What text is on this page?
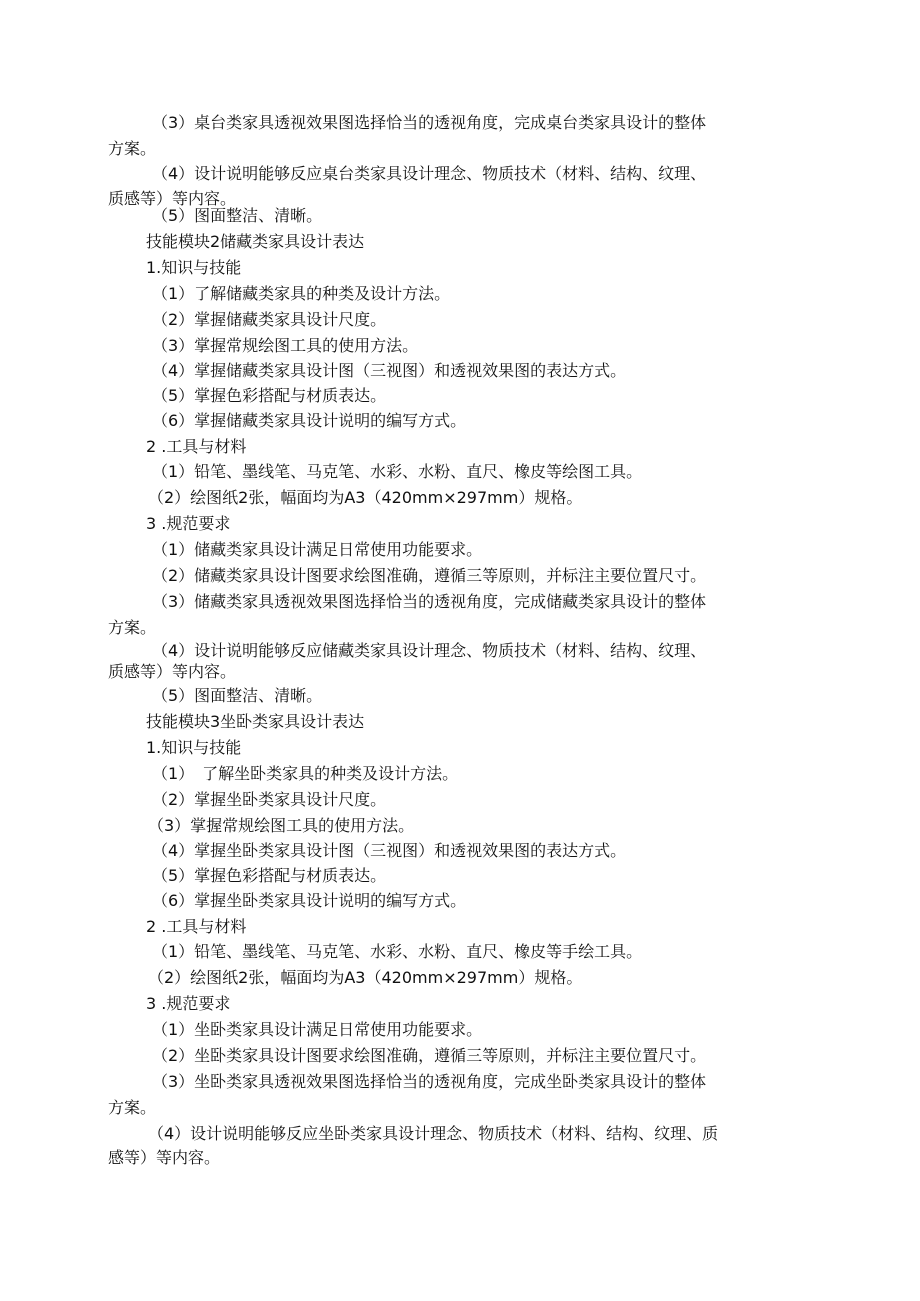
（3）桌台类家具透视效果图选择恰当的透视角度，完成桌台类家具设计的整体

方案。

（4）设计说明能够反应桌台类家具设计理念、物质技术（材料、结构、纹理、

质感等）等内容。

（5）图面整洁、清晰。

技能模块2储藏类家具设计表达

1.知识与技能

（1）了解储藏类家具的种类及设计方法。

（2）掌握储藏类家具设计尺度。

（3）掌握常规绘图工具的使用方法。

（4）掌握储藏类家具设计图（三视图）和透视效果图的表达方式。

（5）掌握色彩搭配与材质表达。

（6）掌握储藏类家具设计说明的编写方式。

2 .工具与材料

（1）铅笔、墨线笔、马克笔、水彩、水粉、直尺、橡皮等绘图工具。

（2）绘图纸2张，幅面均为A3（420mm×297mm）规格。

3 .规范要求

（1）储藏类家具设计满足日常使用功能要求。

（2）储藏类家具设计图要求绘图准确，遵循三等原则，并标注主要位置尺寸。

（3）储藏类家具透视效果图选择恰当的透视角度，完成储藏类家具设计的整体

方案。

（4）设计说明能够反应储藏类家具设计理念、物质技术（材料、结构、纹理、

质感等）等内容。

（5）图面整洁、清晰。

技能模块3坐卧类家具设计表达

1.知识与技能

（1）　了解坐卧类家具的种类及设计方法。

（2）掌握坐卧类家具设计尺度。

（3）掌握常规绘图工具的使用方法。

（4）掌握坐卧类家具设计图（三视图）和透视效果图的表达方式。

（5）掌握色彩搭配与材质表达。

（6）掌握坐卧类家具设计说明的编写方式。

2 .工具与材料

（1）铅笔、墨线笔、马克笔、水彩、水粉、直尺、橡皮等手绘工具。

（2）绘图纸2张，幅面均为A3（420mm×297mm）规格。

3 .规范要求

（1）坐卧类家具设计满足日常使用功能要求。

（2）坐卧类家具设计图要求绘图准确，遵循三等原则，并标注主要位置尺寸。

（3）坐卧类家具透视效果图选择恰当的透视角度，完成坐卧类家具设计的整体

方案。

（4）设计说明能够反应坐卧类家具设计理念、物质技术（材料、结构、纹理、质

感等）等内容。
